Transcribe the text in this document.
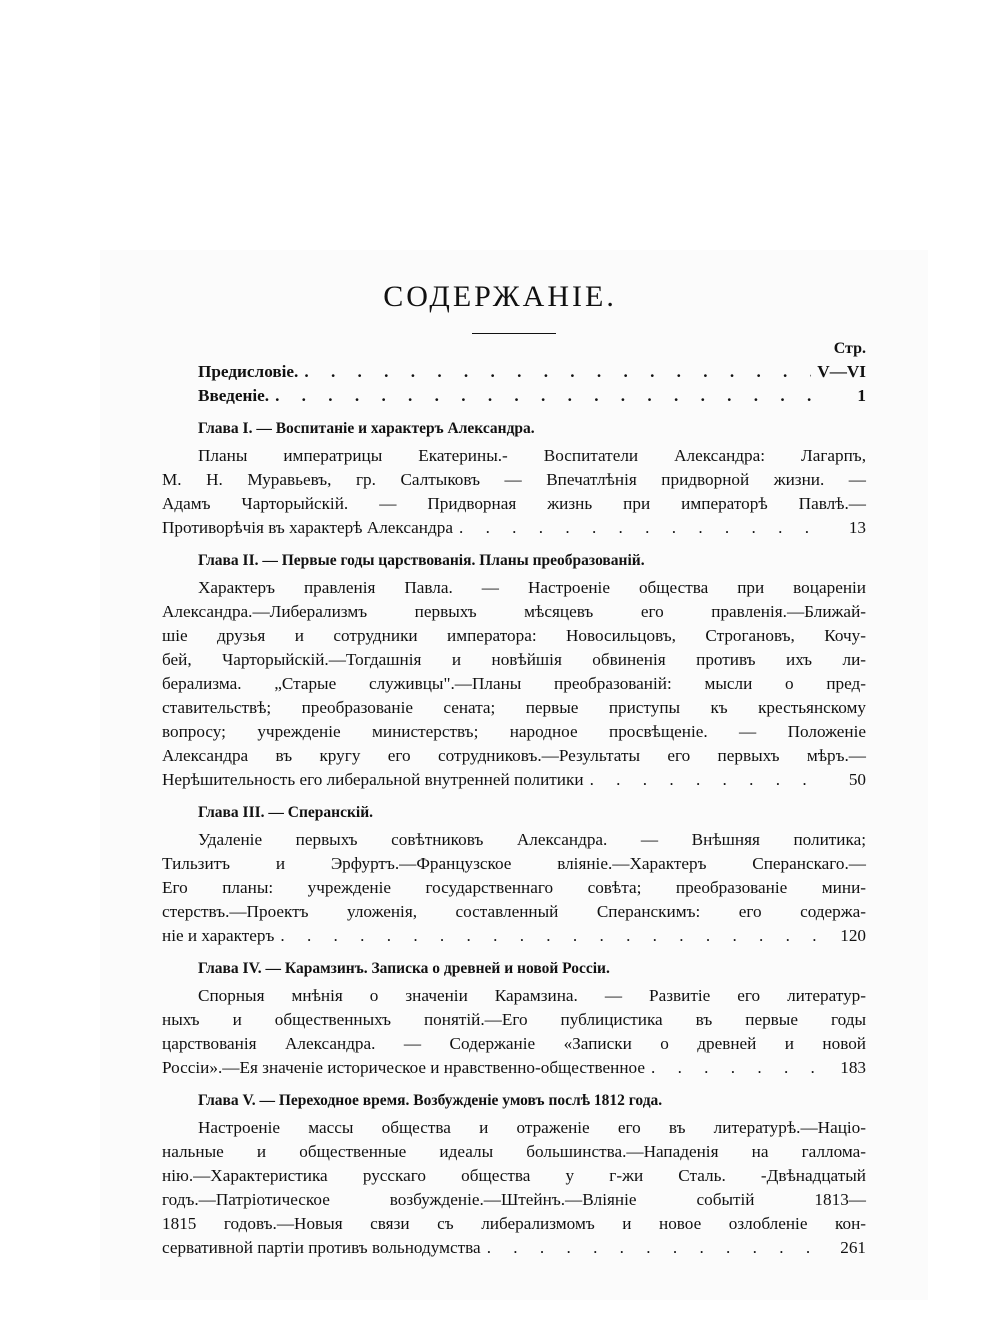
СОДЕРЖАНІЕ.
Стр.
Предисловіе. . . .	V—VI
Введеніе. . . .	1
Глава I. — Воспитаніе и характеръ Александра.
Планы императрицы Екатерины.- Воспитатели Александра: Лагарпъ,
М. Н. Муравьевъ, гр. Салтыковъ — Впечатлѣнія придворной жизни. —
Адамъ Чарторыйскій. — Придворная жизнь при императорѣ Павлѣ.—
Противорѣчія въ характерѣ Александра . . .	13
Глава II. — Первые годы царствованія. Планы преобразованій.
Характеръ правленія Павла. — Настроеніе общества при воцареніи
Александра.—Либерализмъ первыхъ мѣсяцевъ его правленія.—Ближай-
шіе друзья и сотрудники императора: Новосильцовъ, Строгановъ, Кочу-
бей, Чарторыйскій.—Тогдашнія и новѣйшія обвиненія противъ ихъ ли-
берализма. „Старые служивцы".—Планы преобразованій: мысли о пред-
ставительствѣ; преобразованіе сената; первые приступы къ крестьянскому
вопросу; учрежденіе министерствъ; народное просвѣщеніе. — Положеніе
Александра въ кругу его сотрудниковъ.—Результаты его первыхъ мѣръ.—
Нерѣшительность его либеральной внутренней политики . . .	50
Глава III. — Сперанскій.
Удаленіе первыхъ совѣтниковъ Александра. — Внѣшняя политика;
Тильзитъ и Эрфуртъ.—Французское вліяніе.—Характеръ Сперанскаго.—
Его планы: учрежденіе государственнаго совѣта; преобразованіе мини-
стерствъ.—Проектъ уложенія, составленный Сперанскимъ: его содержа-
ніе и характеръ . . .	120
Глава IV. — Карамзинъ. Записка о древней и новой Россіи.
Спорныя мнѣнія о значеніи Карамзина. — Развитіе его литератур-
ныхъ и общественныхъ понятій.—Его публицистика въ первые годы
царствованія Александра. — Содержаніе «Записки о древней и новой
Россіи».—Ея значеніе историческое и нравственно-общественное . . .	183
Глава V. — Переходное время. Возбужденіе умовъ послѣ 1812 года.
Настроеніе массы общества и отраженіе его въ литературѣ.—Націо-
нальные и общественные идеалы большинства.—Нападенія на галлома-
нію.—Характеристика русскаго общества у г-жи Сталь. -Двѣнадцатый
годъ.—Патріотическое возбужденіе.—Штейнъ.—Вліяніе событій 1813—
1815 годовъ.—Новыя связи съ либерализмомъ и новое озлобленіе кон-
сервативной партіи противъ вольнодумства . . .	261
